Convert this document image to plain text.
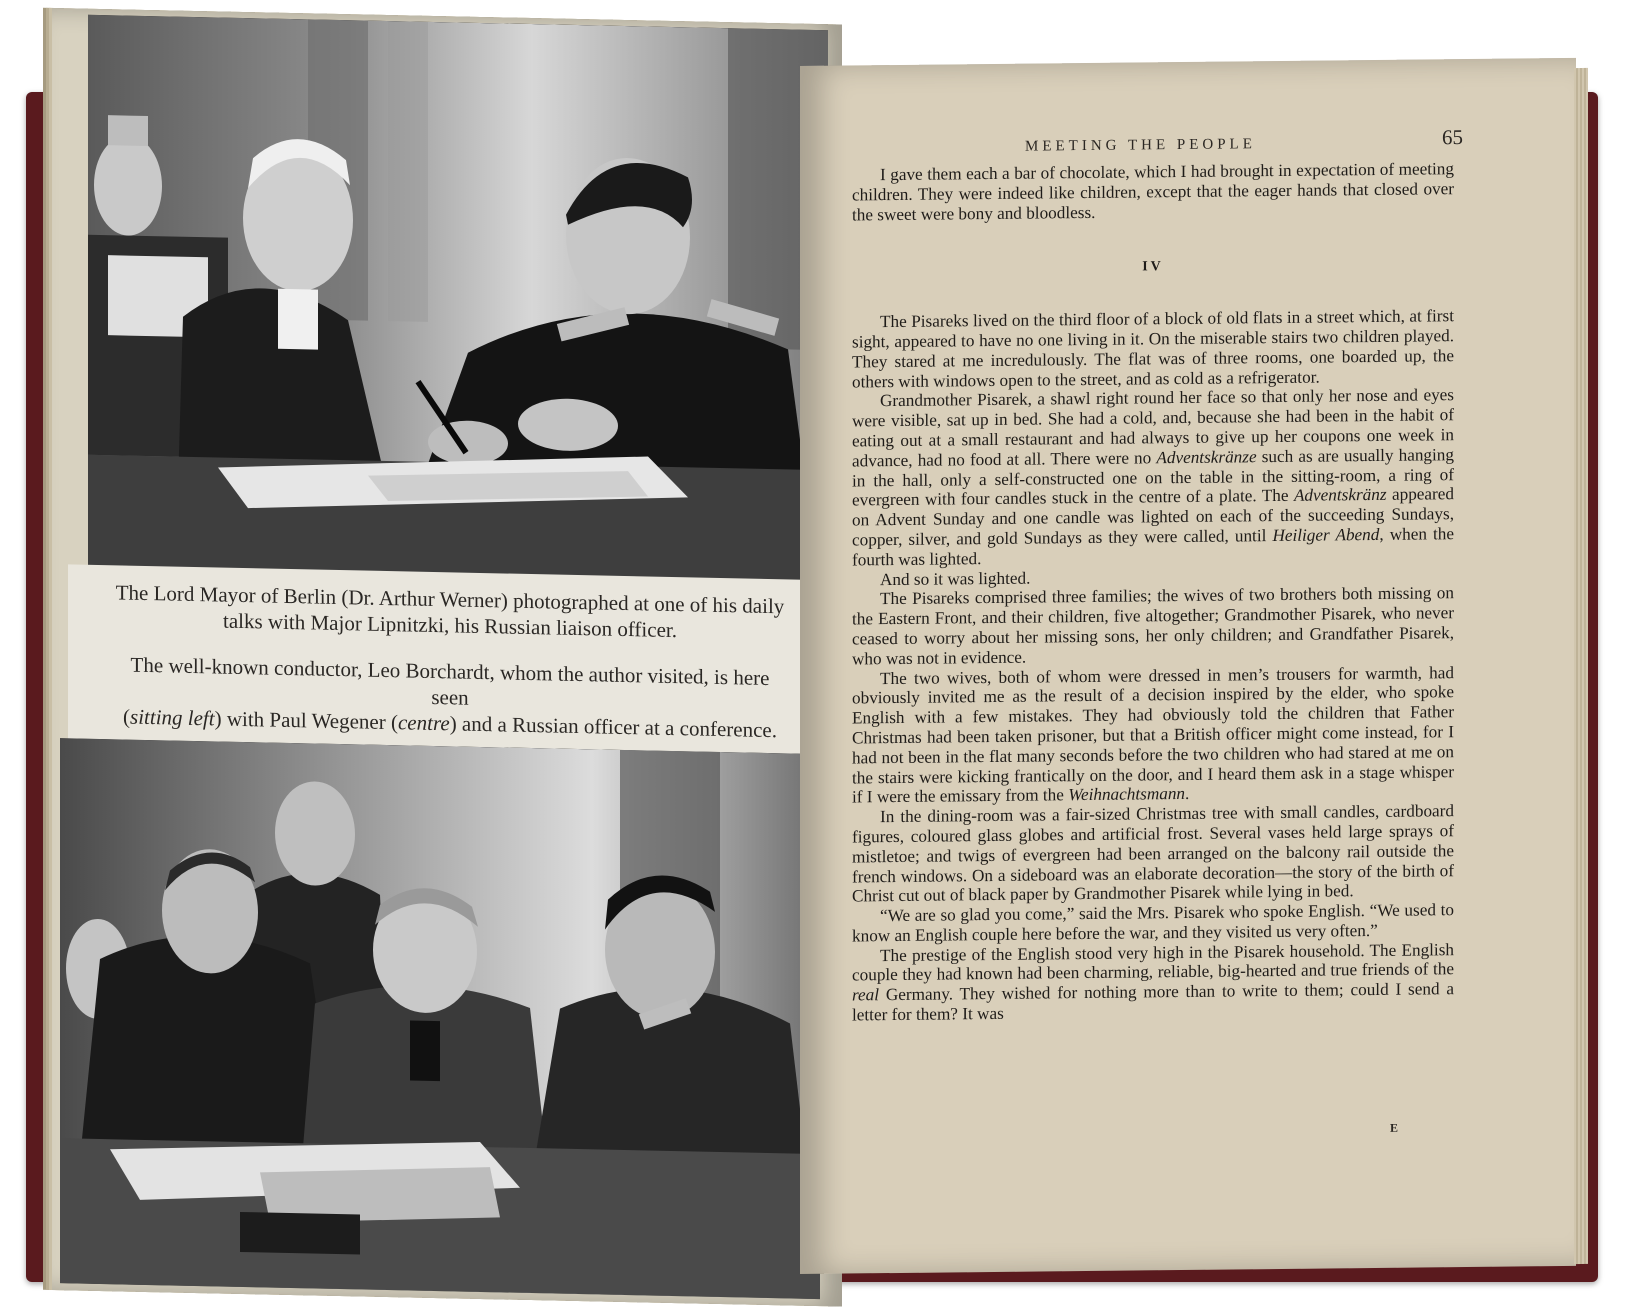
The Lord Mayor of Berlin (Dr. Arthur Werner) photographed at one of his daily
talks with Major Lipnitzki, his Russian liaison officer.
The well-known conductor, Leo Borchardt, whom the author visited, is here seen
(sitting left) with Paul Wegener (centre) and a Russian officer at a conference.
MEETING THE PEOPLE	65

I gave them each a bar of chocolate, which I had brought in expectation of meeting children. They were indeed like children, except that the eager hands that closed over the sweet were bony and bloodless.

IV

The Pisareks lived on the third floor of a block of old flats in a street which, at first sight, appeared to have no one living in it. On the miserable stairs two children played. They stared at me incredulously. The flat was of three rooms, one boarded up, the others with windows open to the street, and as cold as a refrigerator.

Grandmother Pisarek, a shawl right round her face so that only her nose and eyes were visible, sat up in bed. She had a cold, and, because she had been in the habit of eating out at a small restaurant and had always to give up her coupons one week in advance, had no food at all. There were no Adventskränze such as are usually hanging in the hall, only a self-constructed one on the table in the sitting-room, a ring of evergreen with four candles stuck in the centre of a plate. The Adventskränz appeared on Advent Sunday and one candle was lighted on each of the succeeding Sundays, copper, silver, and gold Sundays as they were called, until Heiliger Abend, when the fourth was lighted.

And so it was lighted.

The Pisareks comprised three families; the wives of two brothers both missing on the Eastern Front, and their children, five altogether; Grandmother Pisarek, who never ceased to worry about her missing sons, her only children; and Grandfather Pisarek, who was not in evidence.

The two wives, both of whom were dressed in men’s trousers for warmth, had obviously invited me as the result of a decision inspired by the elder, who spoke English with a few mistakes. They had obviously told the children that Father Christmas had been taken prisoner, but that a British officer might come instead, for I had not been in the flat many seconds before the two children who had stared at me on the stairs were kicking frantically on the door, and I heard them ask in a stage whisper if I were the emissary from the Weihnachtsmann.

In the dining-room was a fair-sized Christmas tree with small candles, cardboard figures, coloured glass globes and artificial frost. Several vases held large sprays of mistletoe; and twigs of evergreen had been arranged on the balcony rail outside the french windows. On a sideboard was an elaborate decoration—the story of the birth of Christ cut out of black paper by Grandmother Pisarek while lying in bed.

“We are so glad you come,” said the Mrs. Pisarek who spoke English. “We used to know an English couple here before the war, and they visited us very often.”

The prestige of the English stood very high in the Pisarek household. The English couple they had known had been charming, reliable, big-hearted and true friends of the real Germany. They wished for nothing more than to write to them; could I send a letter for them? It was

E
